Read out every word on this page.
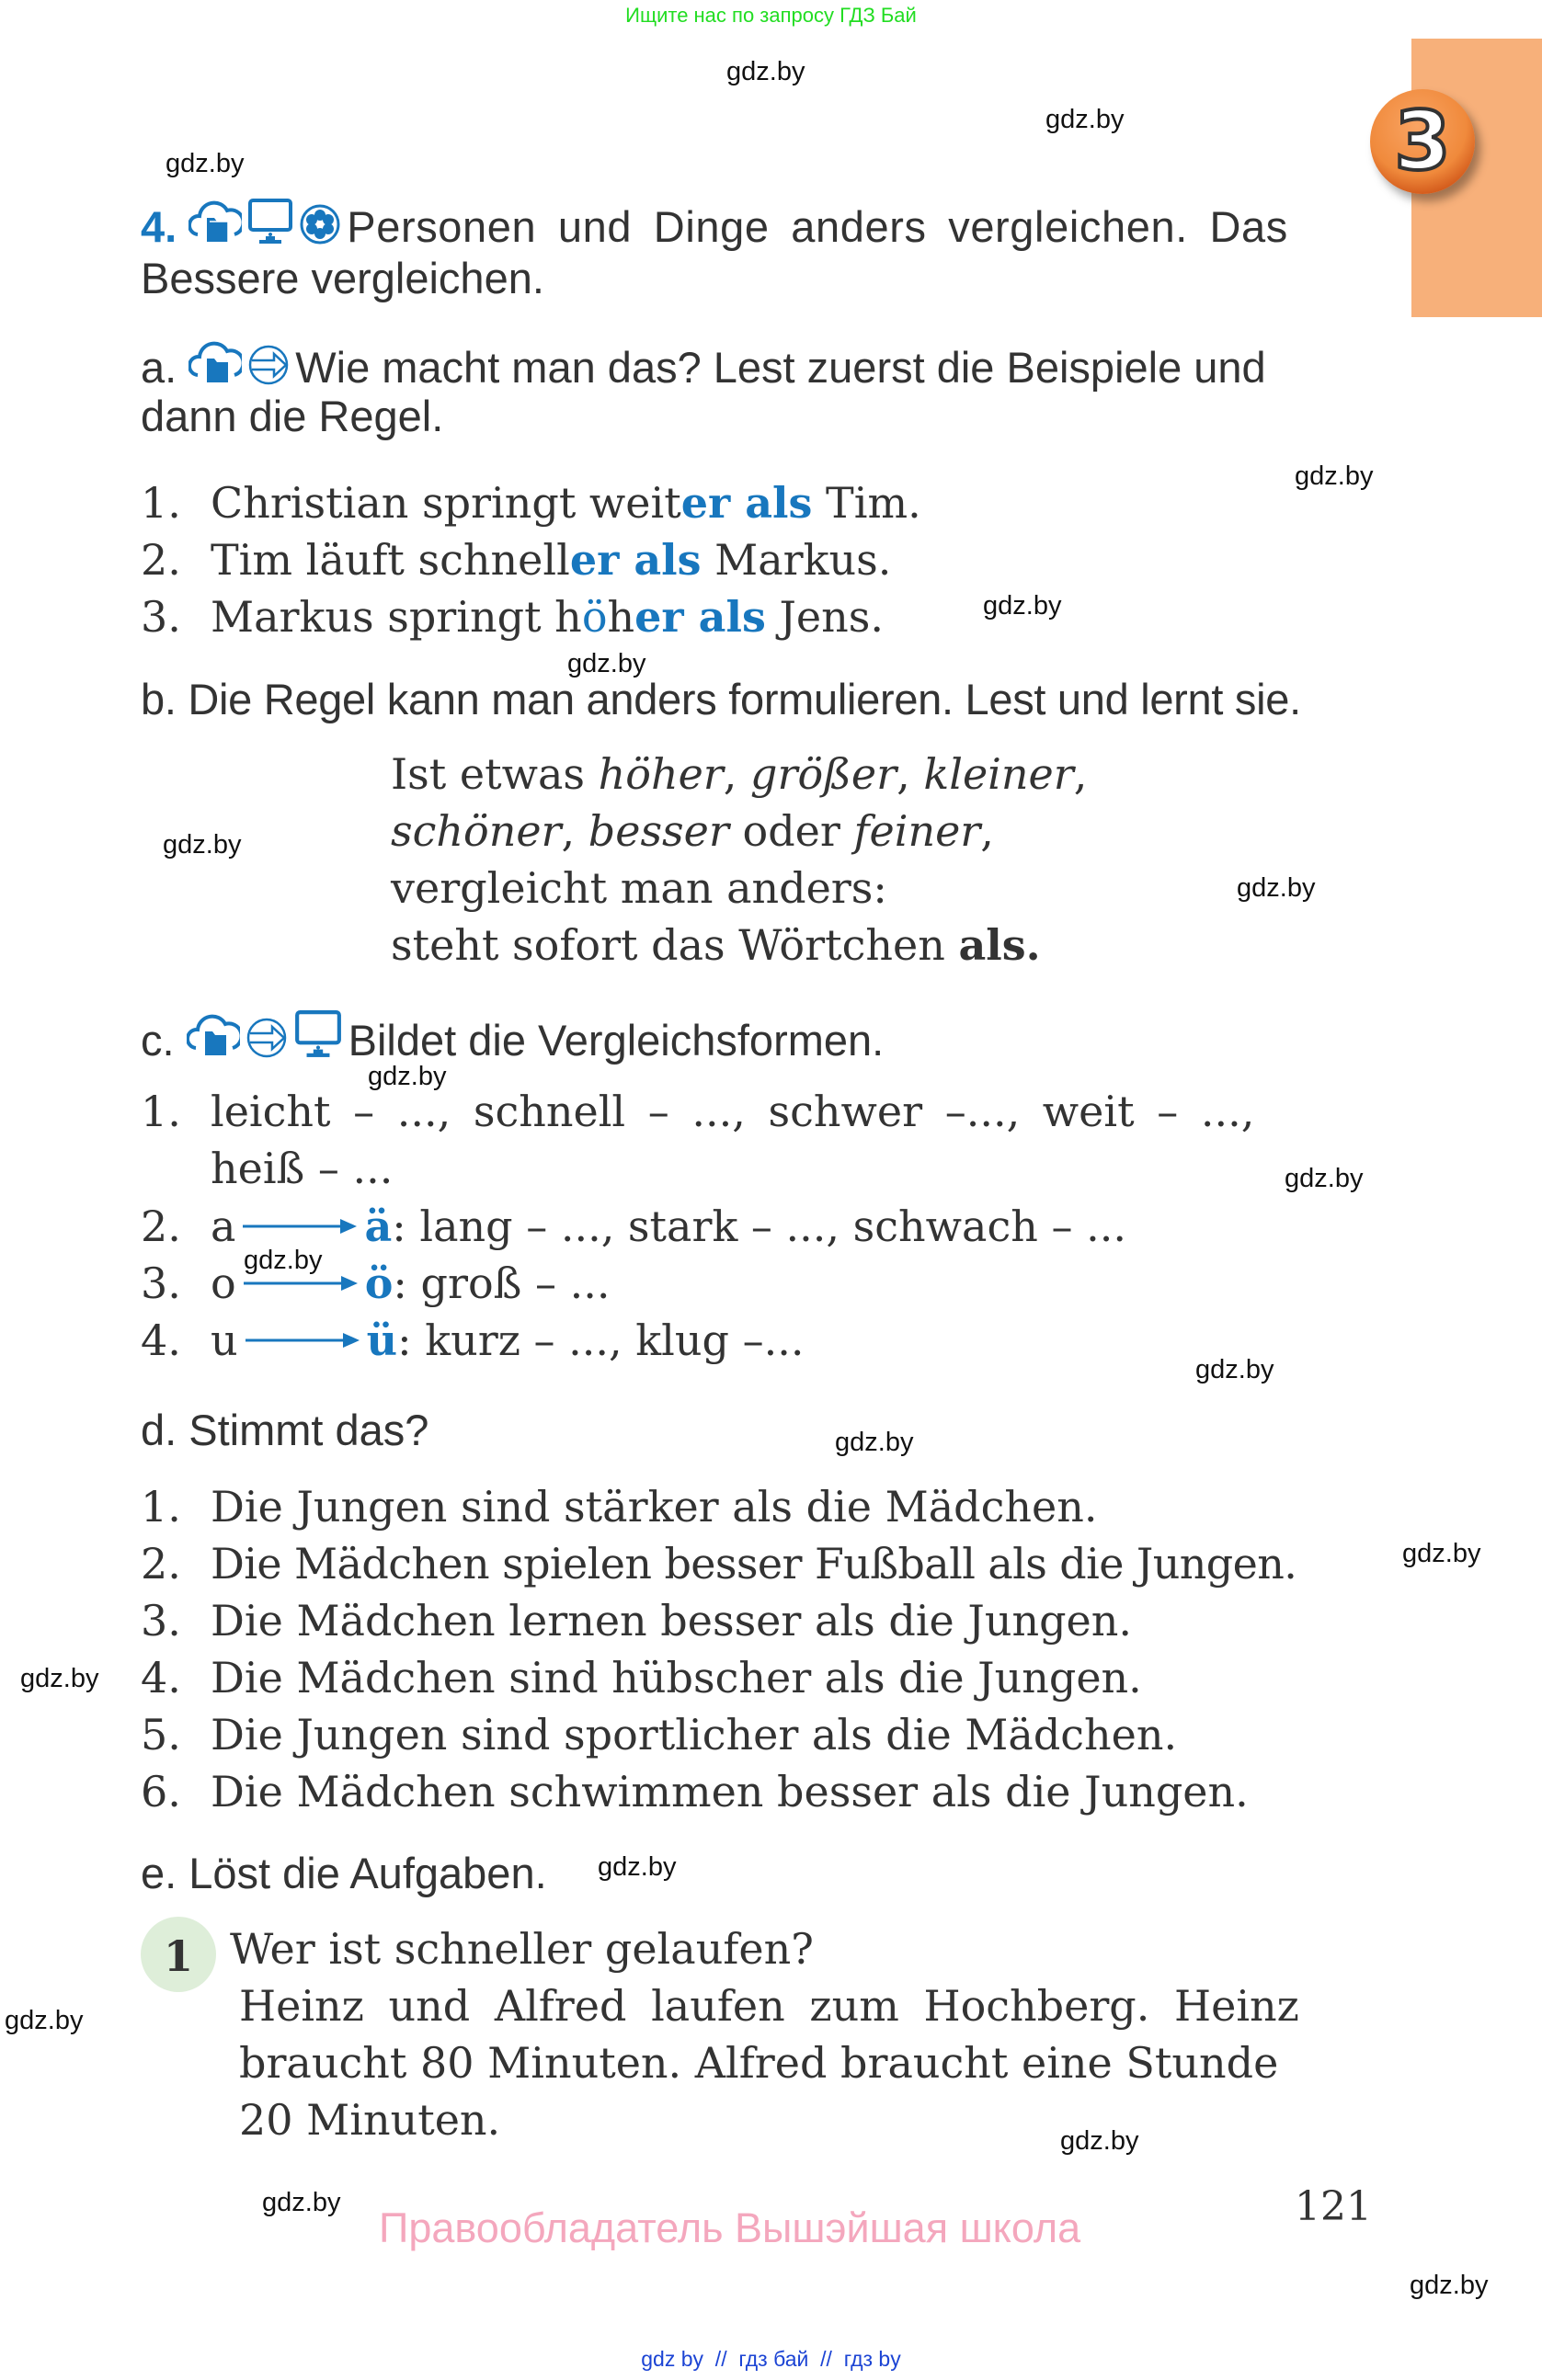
Ищите нас по запросу ГДЗ Бай
3
gdz.by
gdz.by
gdz.by
gdz.by
gdz.by
gdz.by
gdz.by
gdz.by
gdz.by
gdz.by
gdz.by
gdz.by
gdz.by
gdz.by
gdz.by
gdz.by
gdz.by
gdz.by
gdz.by
gdz.by
4.	Personen und Dinge anders vergleichen. Das
Bessere vergleichen.
a.	Wie macht man das? Lest zuerst die Beispiele und
dann die Regel.
1. Christian springt weiter als Tim.
2. Tim läuft schneller als Markus.
3. Markus springt höher als Jens.
b. Die Regel kann man anders formulieren. Lest und lernt sie.
Ist etwas höher, größer, kleiner,
schöner, besser oder feiner,
vergleicht man anders:
steht sofort das Wörtchen als.
c.	Bildet die Vergleichsformen.
1. leicht – ..., schnell – ..., schwer –..., weit – ...,
heiß – ...
2. a	ä: lang – ..., stark – ..., schwach – ...
3. o	ö: groß – ...
4. u	ü: kurz – ..., klug –...
d. Stimmt das?
1. Die Jungen sind stärker als die Mädchen.
2. Die Mädchen spielen besser Fußball als die Jungen.
3. Die Mädchen lernen besser als die Jungen.
4. Die Mädchen sind hübscher als die Jungen.
5. Die Jungen sind sportlicher als die Mädchen.
6. Die Mädchen schwimmen besser als die Jungen.
e. Löst die Aufgaben.
1 Wer ist schneller gelaufen?
Heinz und Alfred laufen zum Hochberg. Heinz
braucht 80 Minuten. Alfred braucht eine Stunde
20 Minuten.
121
Правообладатель Вышэйшая школа
gdz by  //  гдз бай  //  гдз by
